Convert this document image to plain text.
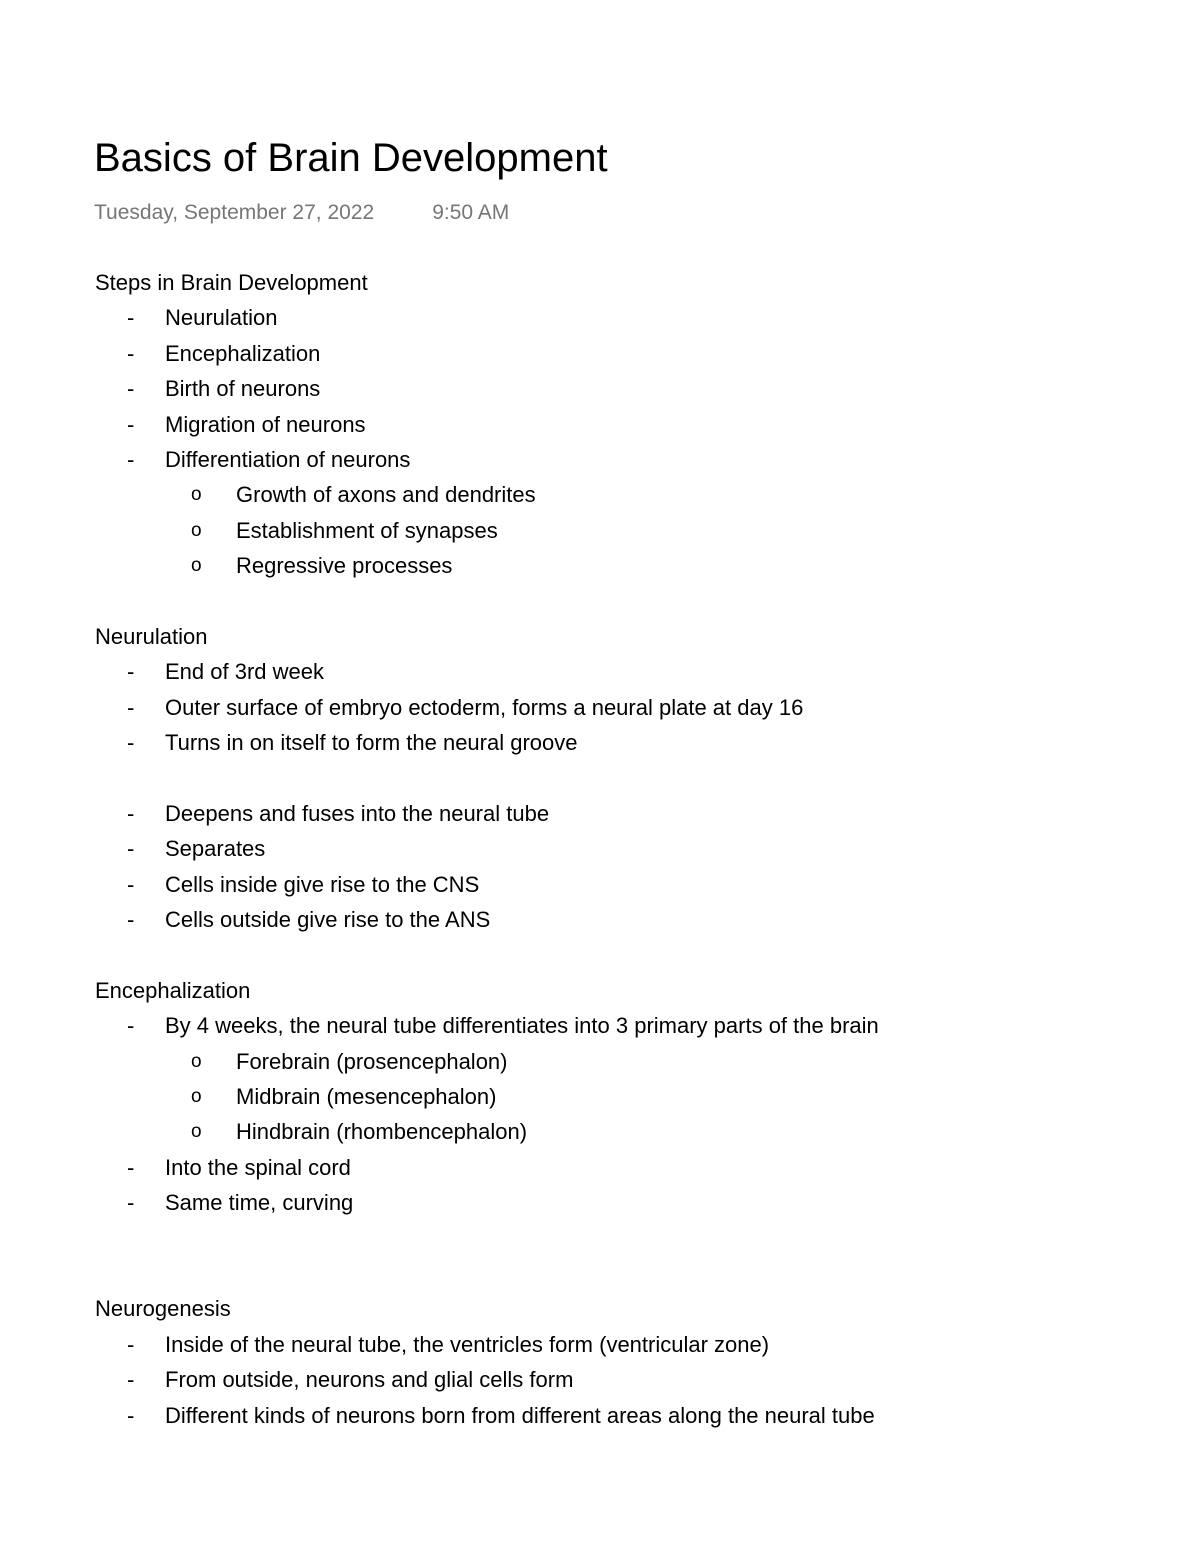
Basics of Brain Development
Tuesday, September 27, 2022	9:50 AM
Steps in Brain Development
-	Neurulation
-	Encephalization
-	Birth of neurons
-	Migration of neurons
-	Differentiation of neurons
o Growth of axons and dendrites
o Establishment of synapses
o Regressive processes
Neurulation
-	End of 3rd week
-	Outer surface of embryo ectoderm, forms a neural plate at day 16
-	Turns in on itself to form the neural groove
-	Deepens and fuses into the neural tube
-	Separates
-	Cells inside give rise to the CNS
-	Cells outside give rise to the ANS
Encephalization
-	By 4 weeks, the neural tube differentiates into 3 primary parts of the brain
o Forebrain (prosencephalon)
o Midbrain (mesencephalon)
o Hindbrain (rhombencephalon)
-	Into the spinal cord
-	Same time, curving
Neurogenesis
-	Inside of the neural tube, the ventricles form (ventricular zone)
-	From outside, neurons and glial cells form
-	Different kinds of neurons born from different areas along the neural tube
